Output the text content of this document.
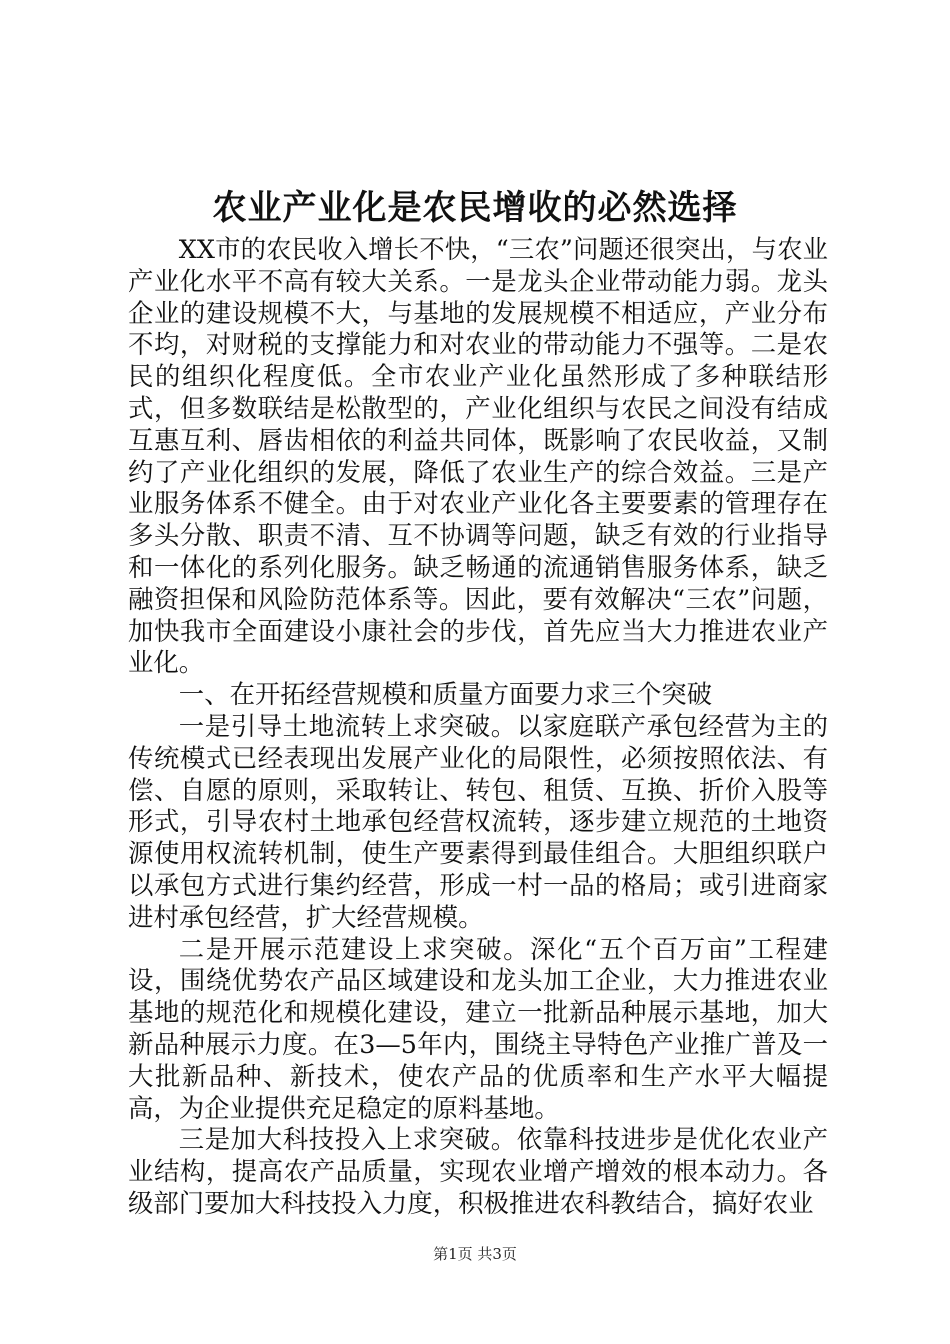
农业产业化是农民增收的必然选择

XX市的农民收入增长不快，“三农”问题还很突出，与农业产业化水平不高有较大关系。一是龙头企业带动能力弱。龙头企业的建设规模不大，与基地的发展规模不相适应，产业分布不均，对财税的支撑能力和对农业的带动能力不强等。二是农民的组织化程度低。全市农业产业化虽然形成了多种联结形式，但多数联结是松散型的，产业化组织与农民之间没有结成互惠互利、唇齿相依的利益共同体，既影响了农民收益，又制约了产业化组织的发展，降低了农业生产的综合效益。三是产业服务体系不健全。由于对农业产业化各主要要素的管理存在多头分散、职责不清、互不协调等问题，缺乏有效的行业指导和一体化的系列化服务。缺乏畅通的流通销售服务体系，缺乏融资担保和风险防范体系等。因此，要有效解决“三农”问题，加快我市全面建设小康社会的步伐，首先应当大力推进农业产业化。

一、在开拓经营规模和质量方面要力求三个突破

一是引导土地流转上求突破。以家庭联产承包经营为主的传统模式已经表现出发展产业化的局限性，必须按照依法、有偿、自愿的原则，采取转让、转包、租赁、互换、折价入股等形式，引导农村土地承包经营权流转，逐步建立规范的土地资源使用权流转机制，使生产要素得到最佳组合。大胆组织联户以承包方式进行集约经营，形成一村一品的格局；或引进商家进村承包经营，扩大经营规模。

二是开展示范建设上求突破。深化“五个百万亩”工程建设，围绕优势农产品区域建设和龙头加工企业，大力推进农业基地的规范化和规模化建设，建立一批新品种展示基地，加大新品种展示力度。在3—5年内，围绕主导特色产业推广普及一大批新品种、新技术，使农产品的优质率和生产水平大幅提高，为企业提供充足稳定的原料基地。

三是加大科技投入上求突破。依靠科技进步是优化农业产业结构，提高农产品质量，实现农业增产增效的根本动力。各级部门要加大科技投入力度，积极推进农科教结合，搞好农业

第1页 共3页
